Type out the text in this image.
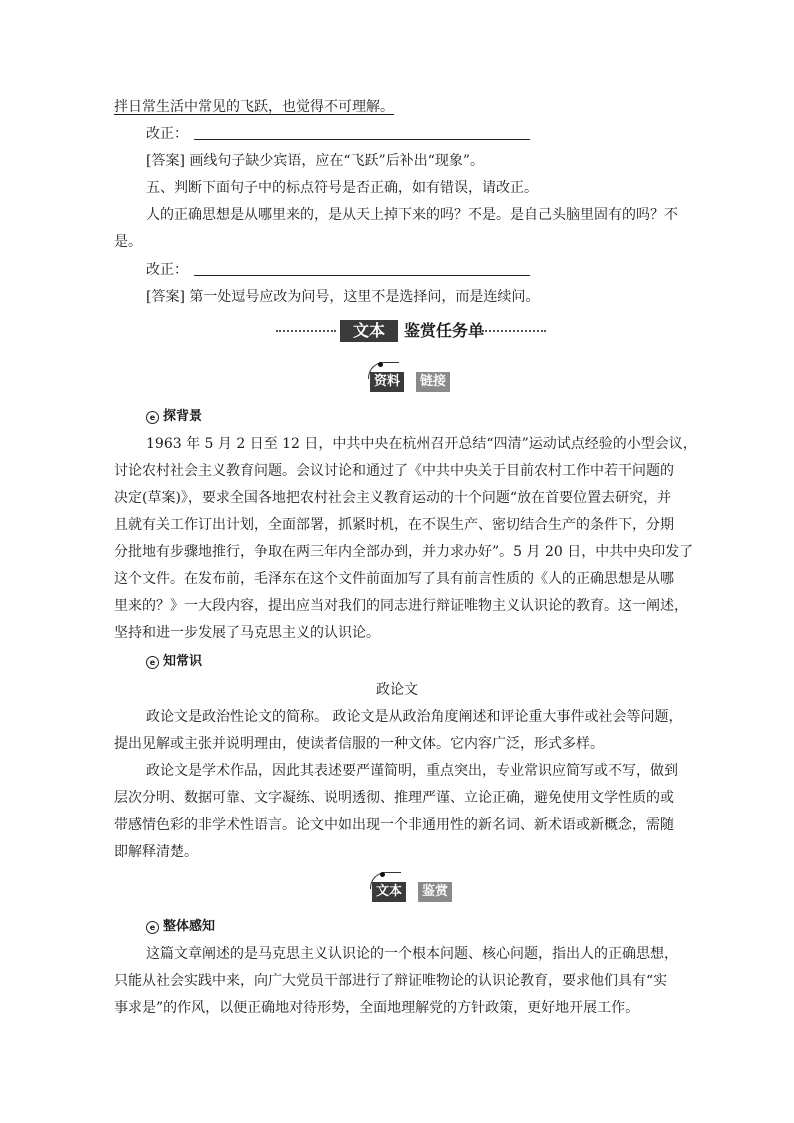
拌日常生活中常见的飞跃，也觉得不可理解。
改正：
[答案] 画线句子缺少宾语，应在“飞跃”后补出“现象”。
五、判断下面句子中的标点符号是否正确，如有错误，请改正。
人的正确思想是从哪里来的，是从天上掉下来的吗？不是。是自己头脑里固有的吗？不
是。
改正：
[答案] 第一处逗号应改为问号，这里不是选择问，而是连续问。
文本	鉴赏任务单
资料	链接
e 探背景
1963 年 5 月 2 日至 12 日，中共中央在杭州召开总结“四清”运动试点经验的小型会议，
讨论农村社会主义教育问题。会议讨论和通过了《中共中央关于目前农村工作中若干问题的
决定(草案)》，要求全国各地把农村社会主义教育运动的十个问题“放在首要位置去研究，并
且就有关工作订出计划，全面部署，抓紧时机，在不误生产、密切结合生产的条件下，分期
分批地有步骤地推行，争取在两三年内全部办到，并力求办好”。5 月 20 日，中共中央印发了
这个文件。在发布前，毛泽东在这个文件前面加写了具有前言性质的《人的正确思想是从哪
里来的？》一大段内容，提出应当对我们的同志进行辩证唯物主义认识论的教育。这一阐述，
坚持和进一步发展了马克思主义的认识论。
e 知常识
政论文
政论文是政治性论文的简称。 政论文是从政治角度阐述和评论重大事件或社会等问题，
提出见解或主张并说明理由，使读者信服的一种文体。它内容广泛，形式多样。
政论文是学术作品，因此其表述要严谨简明，重点突出，专业常识应简写或不写，做到
层次分明、数据可靠、文字凝练、说明透彻、推理严谨、立论正确，避免使用文学性质的或
带感情色彩的非学术性语言。论文中如出现一个非通用性的新名词、新术语或新概念，需随
即解释清楚。
文本	鉴赏
e 整体感知
这篇文章阐述的是马克思主义认识论的一个根本问题、核心问题，指出人的正确思想，
只能从社会实践中来，向广大党员干部进行了辩证唯物论的认识论教育，要求他们具有“实
事求是”的作风，以便正确地对待形势，全面地理解党的方针政策，更好地开展工作。
